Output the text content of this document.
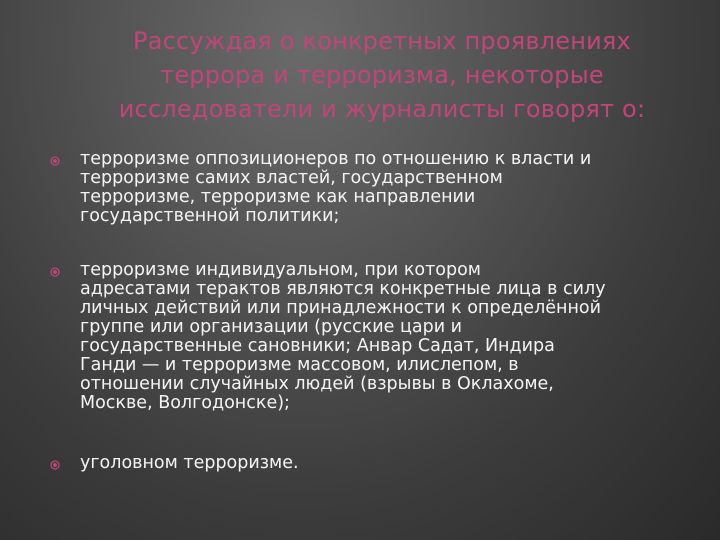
Рассуждая о конкретных проявлениях
террора и терроризма, некоторые
исследователи и журналисты говорят о:
терроризме оппозиционеров по отношению к власти и
терроризме самих властей, государственном
терроризме, терроризме как направлении
государственной политики;
терроризме индивидуальном, при котором
адресатами терактов являются конкретные лица в силу
личных действий или принадлежности к определённой
группе или организации (русские цари и
государственные сановники; Анвар Садат, Индира
Ганди — и терроризме массовом, илислепом, в
отношении случайных людей (взрывы в Оклахоме,
Москве, Волгодонске);
уголовном терроризме.
